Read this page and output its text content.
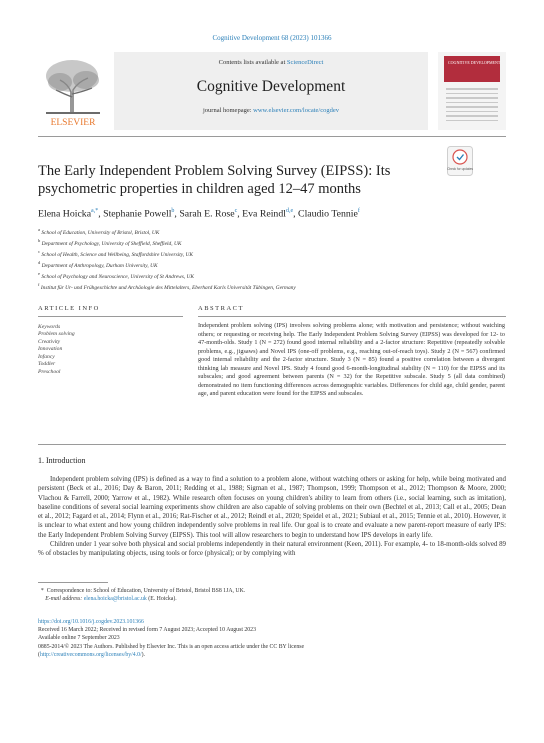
Cognitive Development 68 (2023) 101366
ELSEVIER
Contents lists available at ScienceDirect
Cognitive Development
journal homepage: www.elsevier.com/locate/cogdev
COGNITIVE DEVELOPMENT
The Early Independent Problem Solving Survey (EIPSS): Its psychometric properties in children aged 12–47 months
Check for updates
Elena Hoicka$^{a,*}$, Stephanie Powell$^b$, Sarah E. Rose$^c$, Eva Reindl$^{d,e}$, Claudio Tennie$^f$
$^a$ School of Education, University of Bristol, Bristol, UK
$^b$ Department of Psychology, University of Sheffield, Sheffield, UK
$^c$ School of Health, Science and Wellbeing, Staffordshire University, UK
$^d$ Department of Anthropology, Durham University, UK
$^e$ School of Psychology and Neuroscience, University of St Andrews, UK
$^f$ Institut für Ur- und Frühgeschichte und Archäologie des Mittelalters, Eberhard Karls Universität Tübingen, Germany
ARTICLE INFO	ABSTRACT
Keywords
Problem solving
Creativity
Innovation
Infancy
Toddler
Preschool
Independent problem solving (IPS) involves solving problems alone; with motivation and persistence; without watching others; or requesting or receiving help. The Early Independent Problem Solving Survey (EIPSS) was developed for 12- to 47-month-olds. Study 1 (N = 272) found good internal reliability and a 2-factor structure: Repetitive (repeatedly solvable problems, e.g., jigsaws) and Novel IPS (one-off problems, e.g., reaching out-of-reach toys). Study 2 (N = 567) confirmed good internal reliability and the 2-factor structure. Study 3 (N = 85) found a positive correlation between a divergent thinking lab measure and Novel IPS. Study 4 found good 6-month-longitudinal stability (N = 110) for the EIPSS and its subscales; and good agreement between parents (N = 32) for the Repetitive subscale. Study 5 (all data combined) demonstrated no item functioning differences across demographic variables. Differences for child age, child gender, parent age, and parent education were found for the EIPSS and subscales.
1. Introduction

Independent problem solving (IPS) is defined as a way to find a solution to a problem alone, without watching others or asking for help, while being motivated and persistent (Beck et al., 2016; Day & Baron, 2011; Redding et al., 1988; Sigman et al., 1987; Thompson, 1999; Thompson et al., 2012; Thompson & Moore, 2000; Vlachou & Farrell, 2000; Yarrow et al., 1982). While research often focuses on young children's ability to learn from others (i.e., social learning, such as imitation), baseline conditions of several social learning experiments show children are also capable of solving problems on their own (Bechtel et al., 2013; Call et al., 2005; Dean et al., 2012; Fagard et al., 2014; Flynn et al., 2016; Rat-Fischer et al., 2012; Reindl et al., 2020; Speidel et al., 2021; Subiaul et al., 2015; Tennie et al., 2010). However, it is unclear to what extent and how young children independently solve problems in real life. Our goal is to create and evaluate a new parent-report measure of early IPS: the Early Independent Problem Solving Survey (EIPSS). This tool will allow researchers to begin to understand how IPS develops in early life.

Children under 1 year solve both physical and social problems independently in their natural environment (Keen, 2011). For example, 4- to 18-month-olds solved 89 % of obstacles by manipulating objects, using tools or force (physical); or by complying with

* Correspondence to: School of Education, University of Bristol, Bristol BS8 1JA, UK.
E-mail address: elena.hoicka@bristol.ac.uk (E. Hoicka).
https://doi.org/10.1016/j.cogdev.2023.101366
Received 16 March 2022; Received in revised form 7 August 2023; Accepted 10 August 2023
Available online 7 September 2023
0885-2014/© 2023 The Authors. Published by Elsevier Inc. This is an open access article under the CC BY license
(http://creativecommons.org/licenses/by/4.0/).
